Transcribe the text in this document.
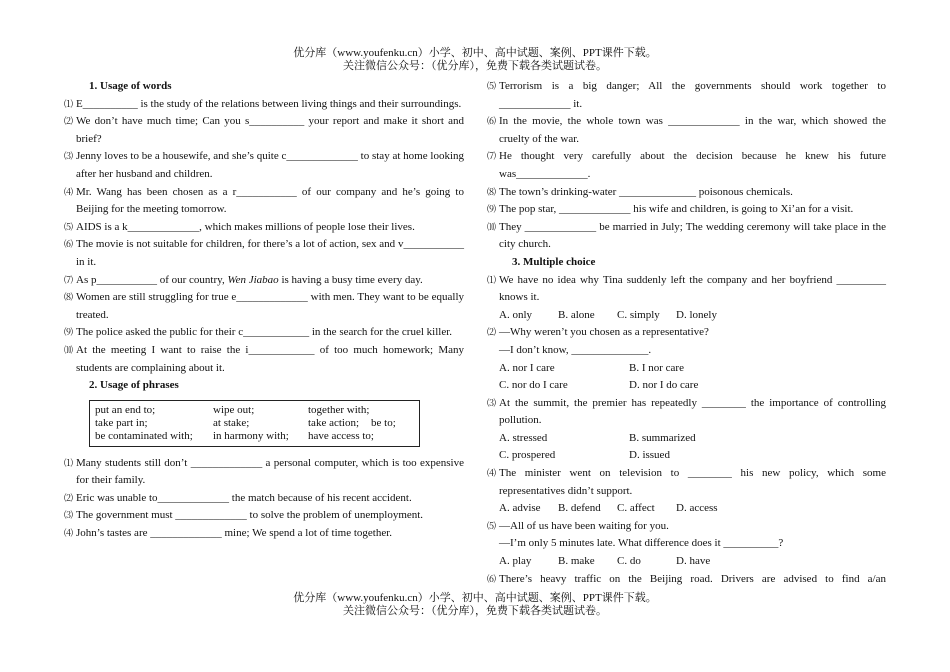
优分库（www.youfenku.cn）小学、初中、高中试题、案例、PPT课件下载。
关注微信公众号：（优分库），免费下载各类试题试卷。
1. Usage of words
⑴ E__________ is the study of the relations between living things and their surroundings.
⑵ We don’t have much time; Can you s__________ your report and make it short and brief?
⑶ Jenny loves to be a housewife, and she’s quite c_____________ to stay at home looking after her husband and children.
⑷ Mr. Wang has been chosen as a r___________ of our company and he’s going to Beijing for the meeting tomorrow.
⑸ AIDS is a k_____________, which makes millions of people lose their lives.
⑹ The movie is not suitable for children, for there’s a lot of action, sex and v___________ in it.
⑺ As p___________ of our country, Wen Jiabao is having a busy time every day.
⑻ Women are still struggling for true e_____________ with men. They want to be equally treated.
⑼ The police asked the public for their c____________ in the search for the cruel killer.
⑽ At the meeting I want to raise the i____________ of too much homework; Many students are complaining about it.
2. Usage of phrases
put an end to;	wipe out;	together with;
take part in;	at stake;	take action; be to;
be contaminated with;	in harmony with;	have access to;
⑴ Many students still don’t _____________ a personal computer, which is too expensive for their family.
⑵ Eric was unable to_____________ the match because of his recent accident.
⑶ The government must _____________ to solve the problem of unemployment.
⑷ John’s tastes are _____________ mine; We spend a lot of time together.
⑸ Terrorism is a big danger; All the governments should work together to _____________ it.
⑹ In the movie, the whole town was _____________ in the war, which showed the cruelty of the war.
⑺ He thought very carefully about the decision because he knew his future was_____________.
⑻ The town’s drinking-water ______________ poisonous chemicals.
⑼ The pop star, _____________ his wife and children, is going to Xi’an for a visit.
⑽ They _____________ be married in July; The wedding ceremony will take place in the city church.
3. Multiple choice
⑴ We have no idea why Tina suddenly left the company and her boyfriend _________ knows it.
A. only	B. alone	C. simply	D. lonely
⑵ —Why weren’t you chosen as a representative?
—I don’t know, ______________.
A. nor I care	B. I nor care
C. nor do I care	D. nor I do care
⑶ At the summit, the premier has repeatedly ________ the importance of controlling pollution.
A. stressed	B. summarized
C. prospered	D. issued
⑷ The minister went on television to ________ his new policy, which some representatives didn’t support.
A. advise	B. defend	C. affect	D. access
⑸ —All of us have been waiting for you.
—I’m only 5 minutes late. What difference does it __________?
A. play	B. make	C. do	D. have
⑹ There’s heavy traffic on the Beijing road. Drivers are advised to find a/an
优分库（www.youfenku.cn）小学、初中、高中试题、案例、PPT课件下载。
关注微信公众号：（优分库），免费下载各类试题试卷。
